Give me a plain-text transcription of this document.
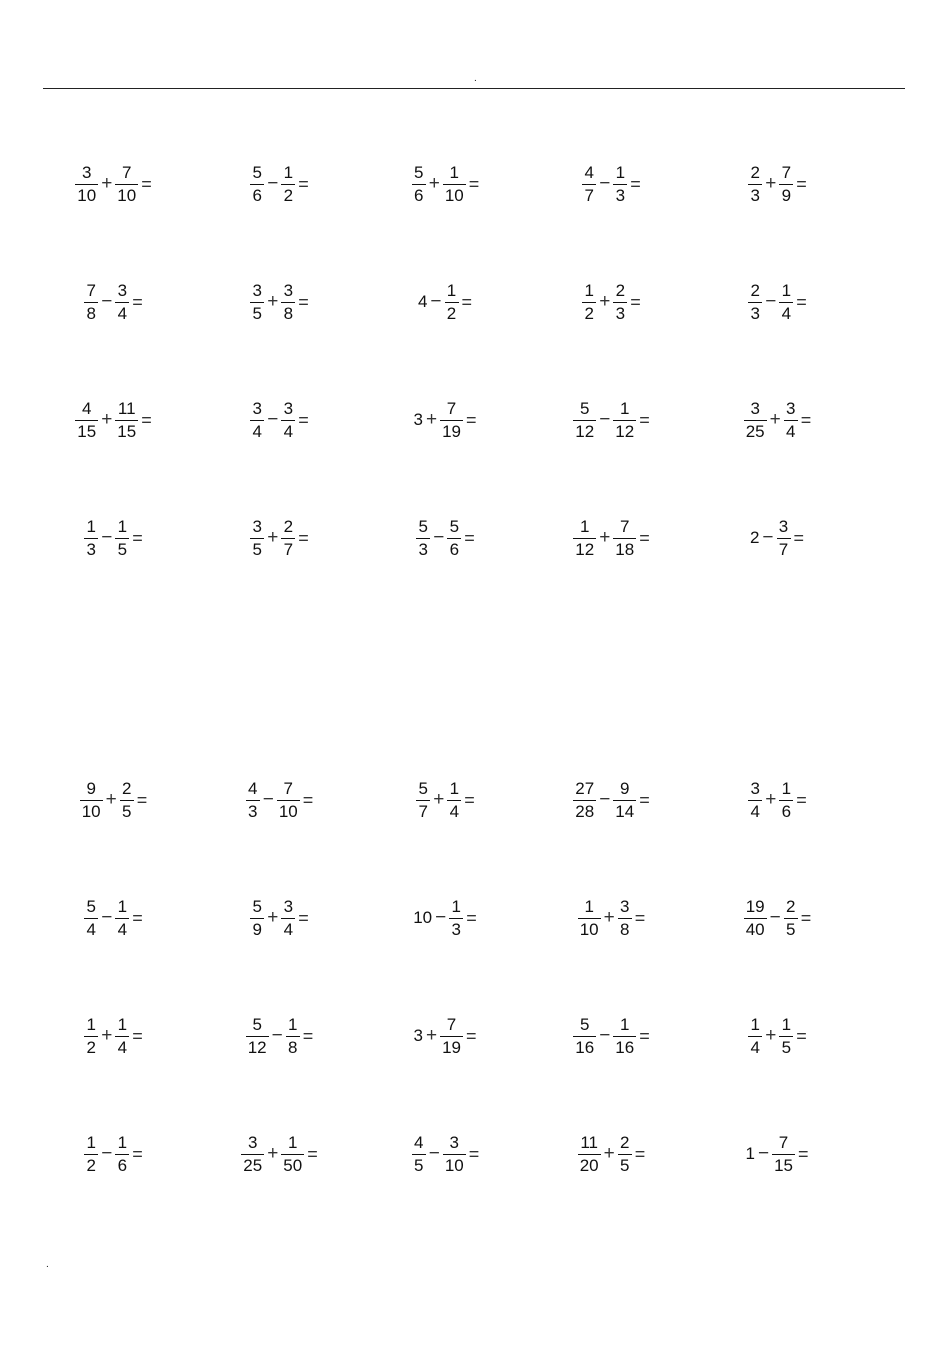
.
$\frac{3}{10} + \frac{7}{10}$ =	$\frac{5}{6} - \frac{1}{2}$ =	$\frac{5}{6} + \frac{1}{10}$ =	$\frac{4}{7} - \frac{1}{3}$ =	$\frac{2}{3} + \frac{7}{9}$ =
$\frac{7}{8} - \frac{3}{4}$ =	$\frac{3}{5} + \frac{3}{8}$ =	$4 - \frac{1}{2}$ =	$\frac{1}{2} + \frac{2}{3}$ =	$\frac{2}{3} - \frac{1}{4}$ =
$\frac{4}{15} + \frac{11}{15}$ =	$\frac{3}{4} - \frac{3}{4}$ =	$3 + \frac{7}{19}$ =	$\frac{5}{12} - \frac{1}{12}$ =	$\frac{3}{25} + \frac{3}{4}$ =
$\frac{1}{3} - \frac{1}{5}$ =	$\frac{3}{5} + \frac{2}{7}$ =	$\frac{5}{3} - \frac{5}{6}$ =	$\frac{1}{12} + \frac{7}{18}$ =	$2 - \frac{3}{7}$ =
$\frac{9}{10} + \frac{2}{5}$ =	$\frac{4}{3} - \frac{7}{10}$ =	$\frac{5}{7} + \frac{1}{4}$ =	$\frac{27}{28} - \frac{9}{14}$ =	$\frac{3}{4} + \frac{1}{6}$ =
$\frac{5}{4} - \frac{1}{4}$ =	$\frac{5}{9} + \frac{3}{4}$ =	$10 - \frac{1}{3}$ =	$\frac{1}{10} + \frac{3}{8}$ =	$\frac{19}{40} - \frac{2}{5}$ =
$\frac{1}{2} + \frac{1}{4}$ =	$\frac{5}{12} - \frac{1}{8}$ =	$3 + \frac{7}{19}$ =	$\frac{5}{16} - \frac{1}{16}$ =	$\frac{1}{4} + \frac{1}{5}$ =
$\frac{1}{2} - \frac{1}{6}$ =	$\frac{3}{25} + \frac{1}{50}$ =	$\frac{4}{5} - \frac{3}{10}$ =	$\frac{11}{20} + \frac{2}{5}$ =	$1 - \frac{7}{15}$ =
.
